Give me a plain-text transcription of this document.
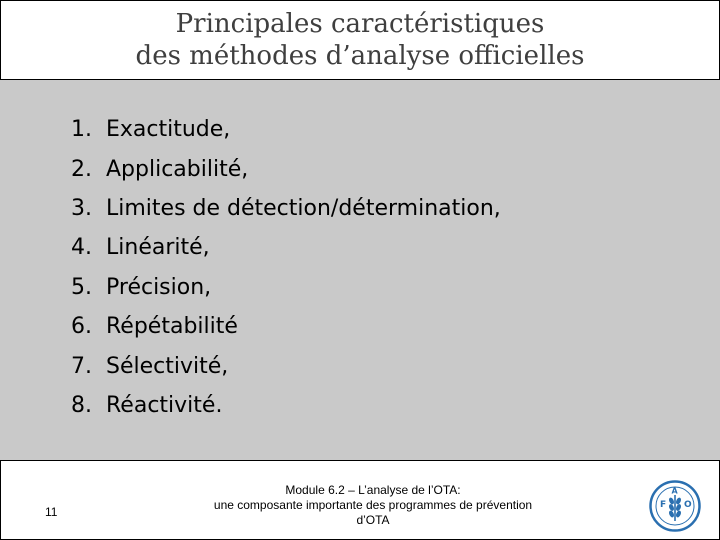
Principales caractéristiques
des méthodes d’analyse officielles
1. Exactitude,
2. Applicabilité,
3. Limites de détection/détermination,
4. Linéarité,
5. Précision,
6. Répétabilité
7. Sélectivité,
8. Réactivité.
11
Module 6.2 – L’analyse de l’OTA:
une composante importante des programmes de prévention
d’OTA
F
A
O
